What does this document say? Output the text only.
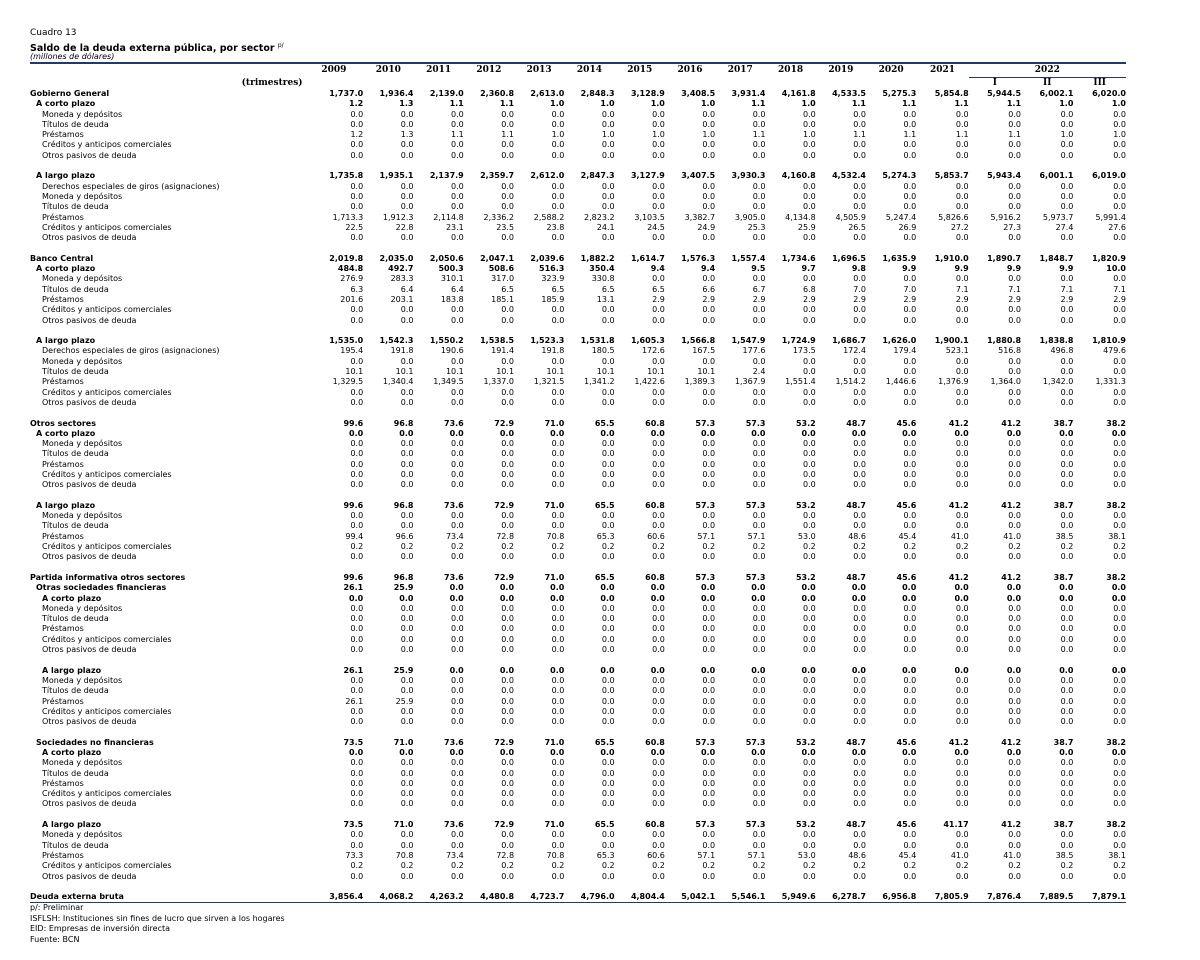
Cuadro 13
Saldo de la deuda externa pública, por sector $^{p/}$
(millones de dólares)
	2009	2010	2011	2012	2013	2014	2015	2016	2017	2018	2019	2020	2021	2022		
(trimestres)														I	II	III
Gobierno General	1,737.0	1,936.4	2,139.0	2,360.8	2,613.0	2,848.3	3,128.9	3,408.5	3,931.4	4,161.8	4,533.5	5,275.3	5,854.8	5,944.5	6,002.1	6,020.0
A corto plazo	1.2	1.3	1.1	1.1	1.0	1.0	1.0	1.0	1.1	1.0	1.1	1.1	1.1	1.1	1.0	1.0
Moneda y depósitos	0.0	0.0	0.0	0.0	0.0	0.0	0.0	0.0	0.0	0.0	0.0	0.0	0.0	0.0	0.0	0.0
Títulos de deuda	0.0	0.0	0.0	0.0	0.0	0.0	0.0	0.0	0.0	0.0	0.0	0.0	0.0	0.0	0.0	0.0
Préstamos	1.2	1.3	1.1	1.1	1.0	1.0	1.0	1.0	1.1	1.0	1.1	1.1	1.1	1.1	1.0	1.0
Créditos y anticipos comerciales	0.0	0.0	0.0	0.0	0.0	0.0	0.0	0.0	0.0	0.0	0.0	0.0	0.0	0.0	0.0	0.0
Otros pasivos de deuda	0.0	0.0	0.0	0.0	0.0	0.0	0.0	0.0	0.0	0.0	0.0	0.0	0.0	0.0	0.0	0.0

A largo plazo	1,735.8	1,935.1	2,137.9	2,359.7	2,612.0	2,847.3	3,127.9	3,407.5	3,930.3	4,160.8	4,532.4	5,274.3	5,853.7	5,943.4	6,001.1	6,019.0
Derechos especiales de giros (asignaciones)	0.0	0.0	0.0	0.0	0.0	0.0	0.0	0.0	0.0	0.0	0.0	0.0	0.0	0.0	0.0	0.0
Moneda y depósitos	0.0	0.0	0.0	0.0	0.0	0.0	0.0	0.0	0.0	0.0	0.0	0.0	0.0	0.0	0.0	0.0
Títulos de deuda	0.0	0.0	0.0	0.0	0.0	0.0	0.0	0.0	0.0	0.0	0.0	0.0	0.0	0.0	0.0	0.0
Préstamos	1,713.3	1,912.3	2,114.8	2,336.2	2,588.2	2,823.2	3,103.5	3,382.7	3,905.0	4,134.8	4,505.9	5,247.4	5,826.6	5,916.2	5,973.7	5,991.4
Créditos y anticipos comerciales	22.5	22.8	23.1	23.5	23.8	24.1	24.5	24.9	25.3	25.9	26.5	26.9	27.2	27.3	27.4	27.6
Otros pasivos de deuda	0.0	0.0	0.0	0.0	0.0	0.0	0.0	0.0	0.0	0.0	0.0	0.0	0.0	0.0	0.0	0.0

Banco Central	2,019.8	2,035.0	2,050.6	2,047.1	2,039.6	1,882.2	1,614.7	1,576.3	1,557.4	1,734.6	1,696.5	1,635.9	1,910.0	1,890.7	1,848.7	1,820.9
A corto plazo	484.8	492.7	500.3	508.6	516.3	350.4	9.4	9.4	9.5	9.7	9.8	9.9	9.9	9.9	9.9	10.0
Moneda y depósitos	276.9	283.3	310.1	317.0	323.9	330.8	0.0	0.0	0.0	0.0	0.0	0.0	0.0	0.0	0.0	0.0
Títulos de deuda	6.3	6.4	6.4	6.5	6.5	6.5	6.5	6.6	6.7	6.8	7.0	7.0	7.1	7.1	7.1	7.1
Préstamos	201.6	203.1	183.8	185.1	185.9	13.1	2.9	2.9	2.9	2.9	2.9	2.9	2.9	2.9	2.9	2.9
Créditos y anticipos comerciales	0.0	0.0	0.0	0.0	0.0	0.0	0.0	0.0	0.0	0.0	0.0	0.0	0.0	0.0	0.0	0.0
Otros pasivos de deuda	0.0	0.0	0.0	0.0	0.0	0.0	0.0	0.0	0.0	0.0	0.0	0.0	0.0	0.0	0.0	0.0

A largo plazo	1,535.0	1,542.3	1,550.2	1,538.5	1,523.3	1,531.8	1,605.3	1,566.8	1,547.9	1,724.9	1,686.7	1,626.0	1,900.1	1,880.8	1,838.8	1,810.9
Derechos especiales de giros (asignaciones)	195.4	191.8	190.6	191.4	191.8	180.5	172.6	167.5	177.6	173.5	172.4	179.4	523.1	516.8	496.8	479.6
Moneda y depósitos	0.0	0.0	0.0	0.0	0.0	0.0	0.0	0.0	0.0	0.0	0.0	0.0	0.0	0.0	0.0	0.0
Títulos de deuda	10.1	10.1	10.1	10.1	10.1	10.1	10.1	10.1	2.4	0.0	0.0	0.0	0.0	0.0	0.0	0.0
Préstamos	1,329.5	1,340.4	1,349.5	1,337.0	1,321.5	1,341.2	1,422.6	1,389.3	1,367.9	1,551.4	1,514.2	1,446.6	1,376.9	1,364.0	1,342.0	1,331.3
Créditos y anticipos comerciales	0.0	0.0	0.0	0.0	0.0	0.0	0.0	0.0	0.0	0.0	0.0	0.0	0.0	0.0	0.0	0.0
Otros pasivos de deuda	0.0	0.0	0.0	0.0	0.0	0.0	0.0	0.0	0.0	0.0	0.0	0.0	0.0	0.0	0.0	0.0

Otros sectores	99.6	96.8	73.6	72.9	71.0	65.5	60.8	57.3	57.3	53.2	48.7	45.6	41.2	41.2	38.7	38.2
A corto plazo	0.0	0.0	0.0	0.0	0.0	0.0	0.0	0.0	0.0	0.0	0.0	0.0	0.0	0.0	0.0	0.0
Moneda y depósitos	0.0	0.0	0.0	0.0	0.0	0.0	0.0	0.0	0.0	0.0	0.0	0.0	0.0	0.0	0.0	0.0
Títulos de deuda	0.0	0.0	0.0	0.0	0.0	0.0	0.0	0.0	0.0	0.0	0.0	0.0	0.0	0.0	0.0	0.0
Préstamos	0.0	0.0	0.0	0.0	0.0	0.0	0.0	0.0	0.0	0.0	0.0	0.0	0.0	0.0	0.0	0.0
Créditos y anticipos comerciales	0.0	0.0	0.0	0.0	0.0	0.0	0.0	0.0	0.0	0.0	0.0	0.0	0.0	0.0	0.0	0.0
Otros pasivos de deuda	0.0	0.0	0.0	0.0	0.0	0.0	0.0	0.0	0.0	0.0	0.0	0.0	0.0	0.0	0.0	0.0

A largo plazo	99.6	96.8	73.6	72.9	71.0	65.5	60.8	57.3	57.3	53.2	48.7	45.6	41.2	41.2	38.7	38.2
Moneda y depósitos	0.0	0.0	0.0	0.0	0.0	0.0	0.0	0.0	0.0	0.0	0.0	0.0	0.0	0.0	0.0	0.0
Títulos de deuda	0.0	0.0	0.0	0.0	0.0	0.0	0.0	0.0	0.0	0.0	0.0	0.0	0.0	0.0	0.0	0.0
Préstamos	99.4	96.6	73.4	72.8	70.8	65.3	60.6	57.1	57.1	53.0	48.6	45.4	41.0	41.0	38.5	38.1
Créditos y anticipos comerciales	0.2	0.2	0.2	0.2	0.2	0.2	0.2	0.2	0.2	0.2	0.2	0.2	0.2	0.2	0.2	0.2
Otros pasivos de deuda	0.0	0.0	0.0	0.0	0.0	0.0	0.0	0.0	0.0	0.0	0.0	0.0	0.0	0.0	0.0	0.0

Partida informativa otros sectores	99.6	96.8	73.6	72.9	71.0	65.5	60.8	57.3	57.3	53.2	48.7	45.6	41.2	41.2	38.7	38.2
Otras sociedades financieras	26.1	25.9	0.0	0.0	0.0	0.0	0.0	0.0	0.0	0.0	0.0	0.0	0.0	0.0	0.0	0.0
A corto plazo	0.0	0.0	0.0	0.0	0.0	0.0	0.0	0.0	0.0	0.0	0.0	0.0	0.0	0.0	0.0	0.0
Moneda y depósitos	0.0	0.0	0.0	0.0	0.0	0.0	0.0	0.0	0.0	0.0	0.0	0.0	0.0	0.0	0.0	0.0
Títulos de deuda	0.0	0.0	0.0	0.0	0.0	0.0	0.0	0.0	0.0	0.0	0.0	0.0	0.0	0.0	0.0	0.0
Préstamos	0.0	0.0	0.0	0.0	0.0	0.0	0.0	0.0	0.0	0.0	0.0	0.0	0.0	0.0	0.0	0.0
Créditos y anticipos comerciales	0.0	0.0	0.0	0.0	0.0	0.0	0.0	0.0	0.0	0.0	0.0	0.0	0.0	0.0	0.0	0.0
Otros pasivos de deuda	0.0	0.0	0.0	0.0	0.0	0.0	0.0	0.0	0.0	0.0	0.0	0.0	0.0	0.0	0.0	0.0

A largo plazo	26.1	25.9	0.0	0.0	0.0	0.0	0.0	0.0	0.0	0.0	0.0	0.0	0.0	0.0	0.0	0.0
Moneda y depósitos	0.0	0.0	0.0	0.0	0.0	0.0	0.0	0.0	0.0	0.0	0.0	0.0	0.0	0.0	0.0	0.0
Títulos de deuda	0.0	0.0	0.0	0.0	0.0	0.0	0.0	0.0	0.0	0.0	0.0	0.0	0.0	0.0	0.0	0.0
Préstamos	26.1	25.9	0.0	0.0	0.0	0.0	0.0	0.0	0.0	0.0	0.0	0.0	0.0	0.0	0.0	0.0
Créditos y anticipos comerciales	0.0	0.0	0.0	0.0	0.0	0.0	0.0	0.0	0.0	0.0	0.0	0.0	0.0	0.0	0.0	0.0
Otros pasivos de deuda	0.0	0.0	0.0	0.0	0.0	0.0	0.0	0.0	0.0	0.0	0.0	0.0	0.0	0.0	0.0	0.0

Sociedades no financieras	73.5	71.0	73.6	72.9	71.0	65.5	60.8	57.3	57.3	53.2	48.7	45.6	41.2	41.2	38.7	38.2
A corto plazo	0.0	0.0	0.0	0.0	0.0	0.0	0.0	0.0	0.0	0.0	0.0	0.0	0.0	0.0	0.0	0.0
Moneda y depósitos	0.0	0.0	0.0	0.0	0.0	0.0	0.0	0.0	0.0	0.0	0.0	0.0	0.0	0.0	0.0	0.0
Títulos de deuda	0.0	0.0	0.0	0.0	0.0	0.0	0.0	0.0	0.0	0.0	0.0	0.0	0.0	0.0	0.0	0.0
Préstamos	0.0	0.0	0.0	0.0	0.0	0.0	0.0	0.0	0.0	0.0	0.0	0.0	0.0	0.0	0.0	0.0
Créditos y anticipos comerciales	0.0	0.0	0.0	0.0	0.0	0.0	0.0	0.0	0.0	0.0	0.0	0.0	0.0	0.0	0.0	0.0
Otros pasivos de deuda	0.0	0.0	0.0	0.0	0.0	0.0	0.0	0.0	0.0	0.0	0.0	0.0	0.0	0.0	0.0	0.0

A largo plazo	73.5	71.0	73.6	72.9	71.0	65.5	60.8	57.3	57.3	53.2	48.7	45.6	41.17	41.2	38.7	38.2
Moneda y depósitos	0.0	0.0	0.0	0.0	0.0	0.0	0.0	0.0	0.0	0.0	0.0	0.0	0.0	0.0	0.0	0.0
Títulos de deuda	0.0	0.0	0.0	0.0	0.0	0.0	0.0	0.0	0.0	0.0	0.0	0.0	0.0	0.0	0.0	0.0
Préstamos	73.3	70.8	73.4	72.8	70.8	65.3	60.6	57.1	57.1	53.0	48.6	45.4	41.0	41.0	38.5	38.1
Créditos y anticipos comerciales	0.2	0.2	0.2	0.2	0.2	0.2	0.2	0.2	0.2	0.2	0.2	0.2	0.2	0.2	0.2	0.2
Otros pasivos de deuda	0.0	0.0	0.0	0.0	0.0	0.0	0.0	0.0	0.0	0.0	0.0	0.0	0.0	0.0	0.0	0.0

Deuda externa bruta	3,856.4	4,068.2	4,263.2	4,480.8	4,723.7	4,796.0	4,804.4	5,042.1	5,546.1	5,949.6	6,278.7	6,956.8	7,805.9	7,876.4	7,889.5	7,879.1
p/: Preliminar
ISFLSH: Instituciones sin fines de lucro que sirven a los hogares
EID: Empresas de inversión directa
Fuente: BCN
